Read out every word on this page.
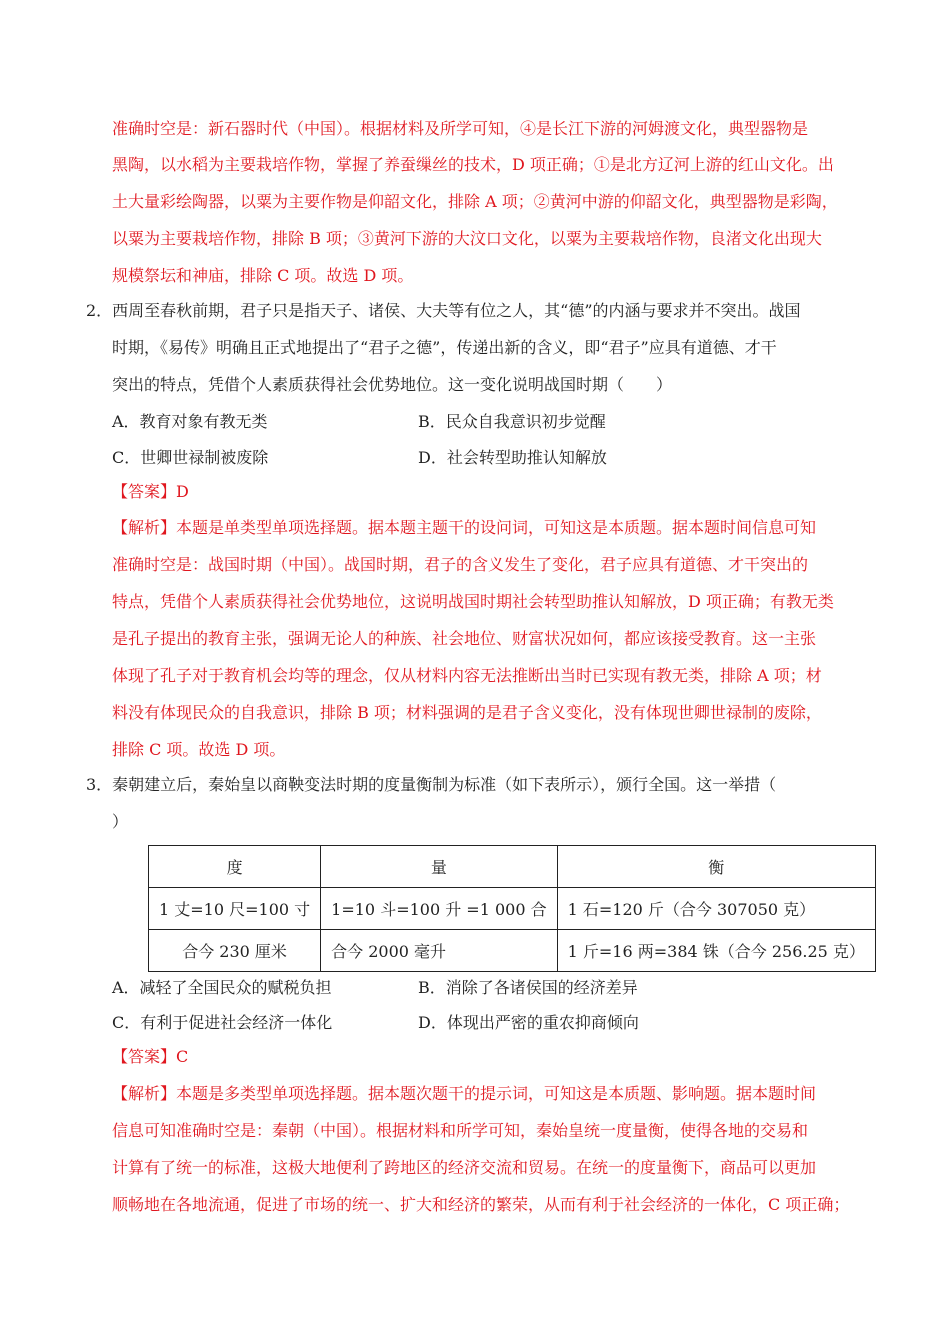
准确时空是：新石器时代（中国）。根据材料及所学可知，④是长江下游的河姆渡文化，典型器物是
黑陶，以水稻为主要栽培作物，掌握了养蚕缫丝的技术，D 项正确；①是北方辽河上游的红山文化。出
土大量彩绘陶器，以粟为主要作物是仰韶文化，排除 A 项；②黄河中游的仰韶文化，典型器物是彩陶，
以粟为主要栽培作物，排除 B 项；③黄河下游的大汶口文化，以粟为主要栽培作物，良渚文化出现大
规模祭坛和神庙，排除 C 项。故选 D 项。
2．西周至春秋前期，君子只是指天子、诸侯、大夫等有位之人，其“德”的内涵与要求并不突出。战国
时期，《易传》明确且正式地提出了“君子之德”，传递出新的含义，即“君子”应具有道德、才干
突出的特点，凭借个人素质获得社会优势地位。这一变化说明战国时期（　　）
A．教育对象有教无类	B．民众自我意识初步觉醒
C．世卿世禄制被废除	D．社会转型助推认知解放
【答案】D
【解析】本题是单类型单项选择题。据本题主题干的设问词，可知这是本质题。据本题时间信息可知
准确时空是：战国时期（中国）。战国时期，君子的含义发生了变化，君子应具有道德、才干突出的
特点，凭借个人素质获得社会优势地位，这说明战国时期社会转型助推认知解放，D 项正确；有教无类
是孔子提出的教育主张，强调无论人的种族、社会地位、财富状况如何，都应该接受教育。这一主张
体现了孔子对于教育机会均等的理念，仅从材料内容无法推断出当时已实现有教无类，排除 A 项；材
料没有体现民众的自我意识，排除 B 项；材料强调的是君子含义变化，没有体现世卿世禄制的废除，
排除 C 项。故选 D 项。
3．秦朝建立后，秦始皇以商鞅变法时期的度量衡制为标准（如下表所示），颁行全国。这一举措（
）
度	量	衡
1 丈=10 尺=100 寸	1=10 斗=100 升 =1 000 合	1 石=120 斤（合今 307050 克）
合今 230 厘米	合今 2000 毫升	1 斤=16 两=384 铢（合今 256.25 克）
A．减轻了全国民众的赋税负担	B．消除了各诸侯国的经济差异
C．有利于促进社会经济一体化	D．体现出严密的重农抑商倾向
【答案】C
【解析】本题是多类型单项选择题。据本题次题干的提示词，可知这是本质题、影响题。据本题时间
信息可知准确时空是：秦朝（中国）。根据材料和所学可知，秦始皇统一度量衡，使得各地的交易和
计算有了统一的标准，这极大地便利了跨地区的经济交流和贸易。在统一的度量衡下，商品可以更加
顺畅地在各地流通，促进了市场的统一、扩大和经济的繁荣，从而有利于社会经济的一体化，C 项正确；
